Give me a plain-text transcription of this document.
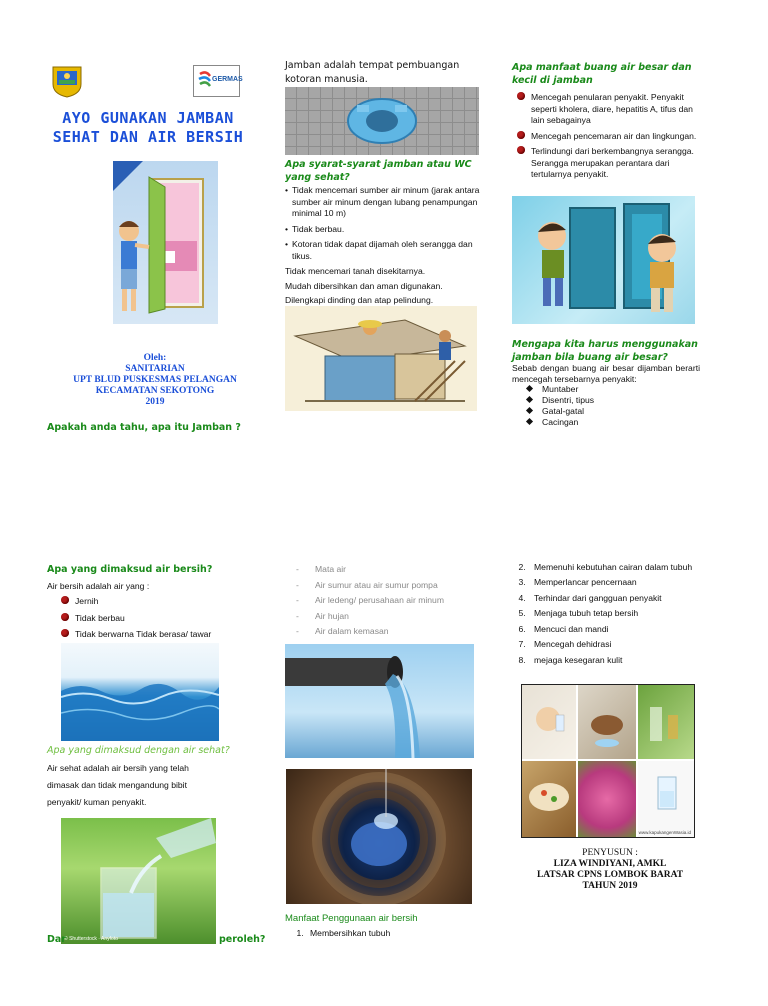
GERMAS
AYO GUNAKAN JAMBAN
SEHAT DAN AIR BERSIH
Oleh:
SANITARIAN
UPT BLUD PUSKESMAS PELANGAN
KECAMATAN SEKOTONG
2019
Apakah anda tahu, apa itu Jamban ?
Jamban adalah tempat pembuangan kotoran manusia.
Apa syarat-syarat jamban atau WC yang sehat?
• Tidak mencemari sumber air minum (jarak antara sumber air minum dengan lubang penampungan minimal 10 m)
• Tidak berbau.
• Kotoran tidak dapat dijamah oleh serangga dan tikus.
Tidak mencemari tanah disekitarnya.
Mudah dibersihkan dan aman digunakan.
Dilengkapi dinding dan atap pelindung.
Apa manfaat buang air besar dan kecil di jamban
Mencegah penularan penyakit. Penyakit seperti kholera, diare, hepatitis A, tifus dan lain sebagainya
Mencegah pencemaran air dan lingkungan.
Terlindungi dari berkembangnya serangga. Serangga merupakan perantara dari tertularnya penyakit.
Mengapa kita harus menggunakan jamban bila buang air besar?
Sebab dengan buang air besar dijamban berarti mencegah tersebarnya penyakit:
Muntaber
Disentri, tipus
Gatal-gatal
Cacingan
Apa yang dimaksud air bersih?
Air bersih adalah air yang :
Jernih
Tidak berbau
Tidak berwarna Tidak berasa/ tawar
Apa yang dimaksud dengan air sehat?
Air sehat adalah air bersih yang telah dimasak dan tidak mengandung bibit penyakit/ kuman penyakit.
© Shutterstock · Anyfoto
Dar	peroleh?
- Mata air
- Air sumur atau air sumur pompa
- Air ledeng/ perusahaan air minum
- Air hujan
- Air dalam kemasan
Manfaat Penggunaan air bersih
1. Membersihkan tubuh
2. Memenuhi kebutuhan cairan dalam tubuh
3. Memperlancar pencernaan
4. Terhindar dari gangguan penyakit
5. Menjaga tubuh tetap bersih
6. Mencuci dan mandi
7. Mencegah dehidrasi
8. mejaga kesegaran kulit
www.kapukangenWasia.id
PENYUSUN :
LIZA WINDIYANI, AMKL
LATSAR CPNS LOMBOK BARAT
TAHUN 2019
